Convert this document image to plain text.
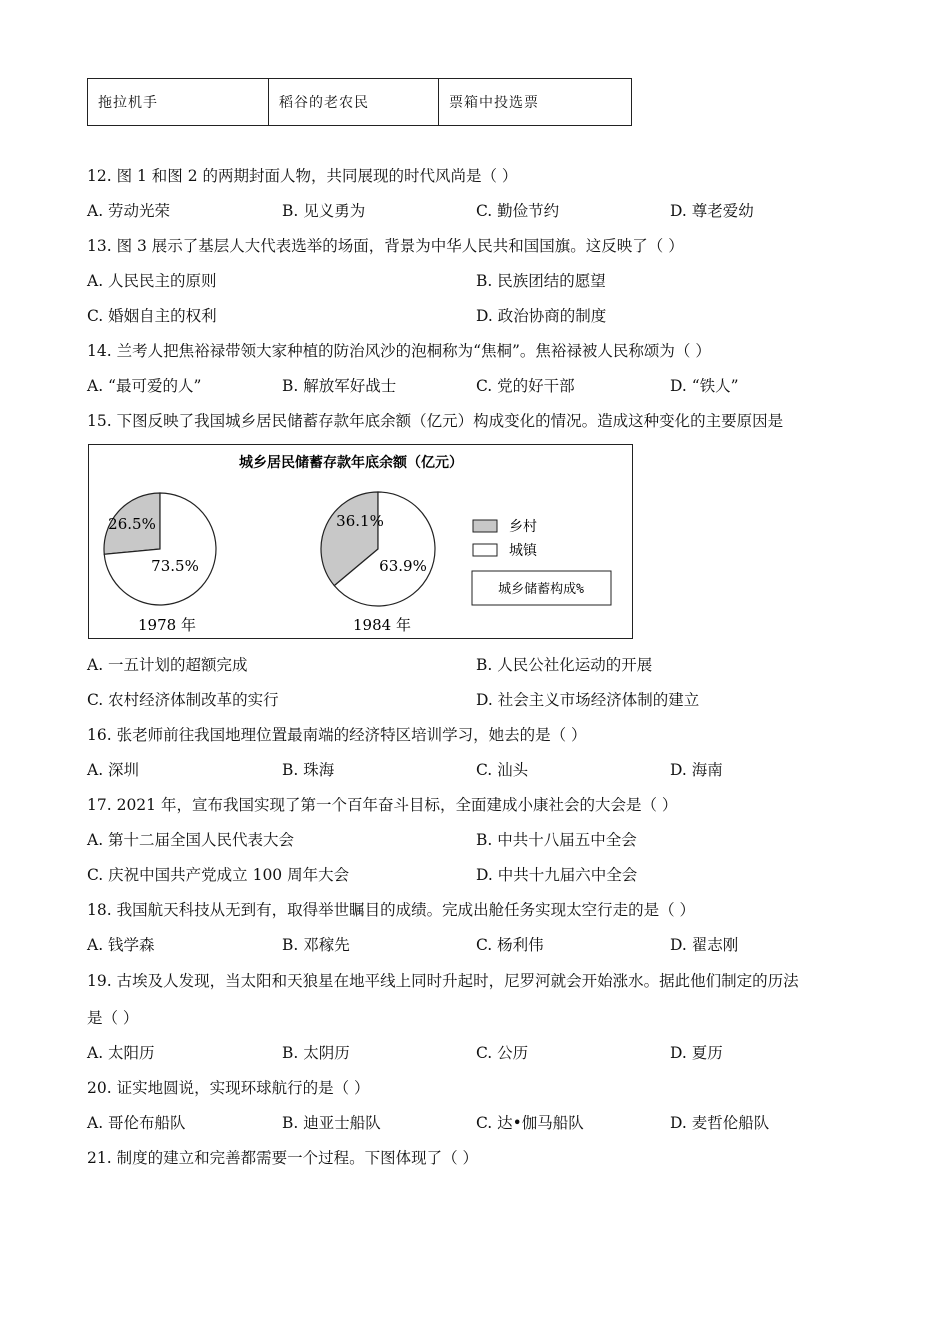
拖拉机手	稻谷的老农民	票箱中投选票
12. 图 1 和图 2 的两期封面人物，共同展现的时代风尚是（ ）
A. 劳动光荣	B. 见义勇为	C. 勤俭节约	D. 尊老爱幼
13. 图 3 展示了基层人大代表选举的场面，背景为中华人民共和国国旗。这反映了（ ）
A. 人民民主的原则	B. 民族团结的愿望
C. 婚姻自主的权利	D. 政治协商的制度
14. 兰考人把焦裕禄带领大家种植的防治风沙的泡桐称为“焦桐”。焦裕禄被人民称颂为（ ）
A. “最可爱的人”	B. 解放军好战士	C. 党的好干部	D. “铁人”
15. 下图反映了我国城乡居民储蓄存款年底余额（亿元）构成变化的情况。造成这种变化的主要原因是
城乡居民储蓄存款年底余额（亿元）
26.5%
73.5%
36.1%
63.9%
1978 年	1984 年
乡村
城镇
城乡储蓄构成%
A. 一五计划的超额完成	B. 人民公社化运动的开展
C. 农村经济体制改革的实行	D. 社会主义市场经济体制的建立
16. 张老师前往我国地理位置最南端的经济特区培训学习，她去的是（ ）
A. 深圳	B. 珠海	C. 汕头	D. 海南
17. 2021 年，宣布我国实现了第一个百年奋斗目标，全面建成小康社会的大会是（ ）
A. 第十二届全国人民代表大会	B. 中共十八届五中全会
C. 庆祝中国共产党成立 100 周年大会	D. 中共十九届六中全会
18. 我国航天科技从无到有，取得举世瞩目的成绩。完成出舱任务实现太空行走的是（ ）
A. 钱学森	B. 邓稼先	C. 杨利伟	D. 翟志刚
19. 古埃及人发现，当太阳和天狼星在地平线上同时升起时，尼罗河就会开始涨水。据此他们制定的历法
是（ ）
A. 太阳历	B. 太阴历	C. 公历	D. 夏历
20. 证实地圆说，实现环球航行的是（ ）
A. 哥伦布船队	B. 迪亚士船队	C. 达•伽马船队	D. 麦哲伦船队
21. 制度的建立和完善都需要一个过程。下图体现了（ ）
